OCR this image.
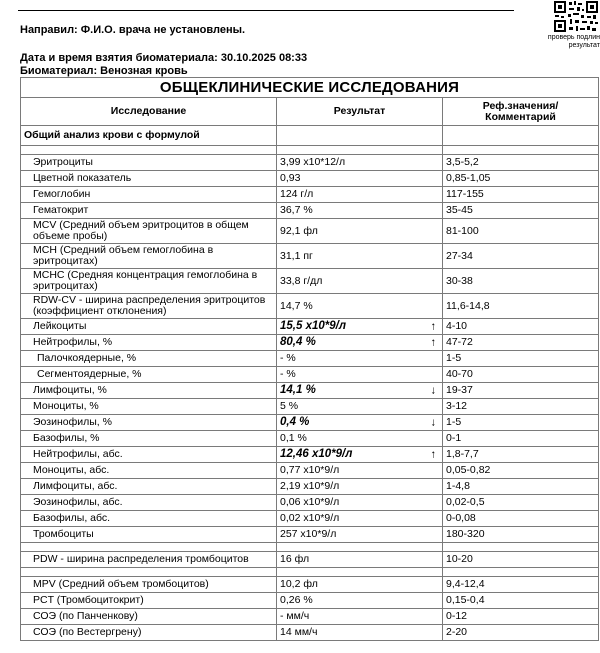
Направил: Ф.И.О. врача не установлены.
Дата и время взятия биоматериала: 30.10.2025 08:33
Биоматериал: Венозная кровь
проверь подлин
результат
ОБЩЕКЛИНИЧЕСКИЕ ИССЛЕДОВАНИЯ		
Исследование	Результат	Реф.значения/
Комментарий
Общий анализ крови с формулой		

Эритроциты	3,99 x10*12/л	3,5-5,2
Цветной показатель	0,93	0,85-1,05
Гемоглобин	124 г/л	117-155
Гематокрит	36,7 %	35-45
MCV (Средний объем эритроцитов в общем объеме пробы)	92,1 фл	81-100
MCH (Средний объем гемоглобина в эритроцитах)	31,1 пг	27-34
MCHC (Средняя концентрация гемоглобина в эритроцитах)	33,8 г/дл	30-38
RDW-CV - ширина распределения эритроцитов (коэффициент отклонения)	14,7 %	11,6-14,8
Лейкоциты	15,5 x10*9/л ↑	4-10
Нейтрофилы, %	80,4 % ↑	47-72
Палочкоядерные, %	- %	1-5
Сегментоядерные, %	- %	40-70
Лимфоциты, %	14,1 % ↓	19-37
Моноциты, %	5 %	3-12
Эозинофилы, %	0,4 % ↓	1-5
Базофилы, %	0,1 %	0-1
Нейтрофилы, абс.	12,46 x10*9/л ↑	1,8-7,7
Моноциты, абс.	0,77 x10*9/л	0,05-0,82
Лимфоциты, абс.	2,19 x10*9/л	1-4,8
Эозинофилы, абс.	0,06 x10*9/л	0,02-0,5
Базофилы, абс.	0,02 x10*9/л	0-0,08
Тромбоциты	257 x10*9/л	180-320

PDW - ширина распределения тромбоцитов	16 фл	10-20

MPV (Средний объем тромбоцитов)	10,2 фл	9,4-12,4
PCT (Тромбоцитокрит)	0,26 %	0,15-0,4
СОЭ (по Панченкову)	- мм/ч	0-12
СОЭ (по Вестергрену)	14 мм/ч	2-20
